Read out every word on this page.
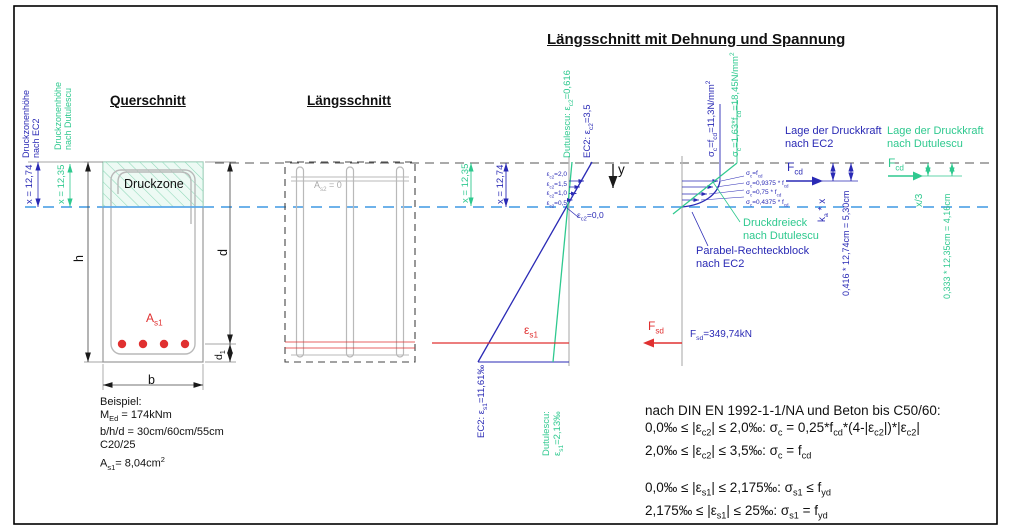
Längsschnitt mit Dehnung und Spannung
Querschnitt	Längsschnitt
Druckzonenhöhe
nach EC2 Druckzonenhöhe
nach Dutulescu
x = 12,74 x = 12,35	Druckzone
$A_{s1}$
h
d
$d_1$
b
Beispiel:
$M_{Ed} = 174kNm$
b/h/d = 30cm/60cm/55cm
C20/25
$A_{s1}= 8,04cm^2$
$A_{s2} = 0$	x = 12,35	x = 12,74
Dutulescu: $\varepsilon_{c2}=0,616$
EC2: $\varepsilon_{c2}=3,5$
$\varepsilon_{c2}=2,0$
$\varepsilon_{c2}=1,5$
$\varepsilon_{c2}=1,0$
$\varepsilon_{c2}=0,5$
$\varepsilon_{c2}=0,0$
y
$\varepsilon_{s1}$
EC2: $\varepsilon_{s1}=11,61‰$
Dutulescu: $\varepsilon_{s1}=2,13‰$
$\sigma_c=f_{cd}=11,3N/mm^2$
$\sigma_c=1,63*f_{cd}=18,45N/mm^2$
$\sigma_c=f_{cd}$
$\sigma_c=0,9375 * f_{cd}$
$\sigma_c=0,75 * f_{cd}$
$\sigma_c=0,4375 * f_{cd}$
Druckdreieck
nach Dutulescu
Parabel-Rechteckblock
nach EC2
Lage der Druckkraft
nach EC2
Lage der Druckkraft
nach Dutulescu
$F_{cd}$
$F_{cd}$
$k_a$ * x	0,416 * 12,74cm = 5,30cm	x/3 0,333 * 12,35cm = 4,16cm
$F_{sd}$	$F_{sd}=349,74kN$
nach DIN EN 1992-1-1/NA und Beton bis C50/60:
0,0‰ ≤ $|\varepsilon_{c2}|$ ≤ 2,0‰: $\sigma_c = 0,25*f_{cd}*(4-|\varepsilon_{c2}|)*|\varepsilon_{c2}|$
2,0‰ ≤ $|\varepsilon_{c2}|$ ≤ 3,5‰: $\sigma_c = f_{cd}$
0,0‰ ≤ $|\varepsilon_{s1}|$ ≤ 2,175‰: $\sigma_{s1} \le f_{yd}$
2,175‰ ≤ $|\varepsilon_{s1}|$ ≤ 25‰: $\sigma_{s1} = f_{yd}$
